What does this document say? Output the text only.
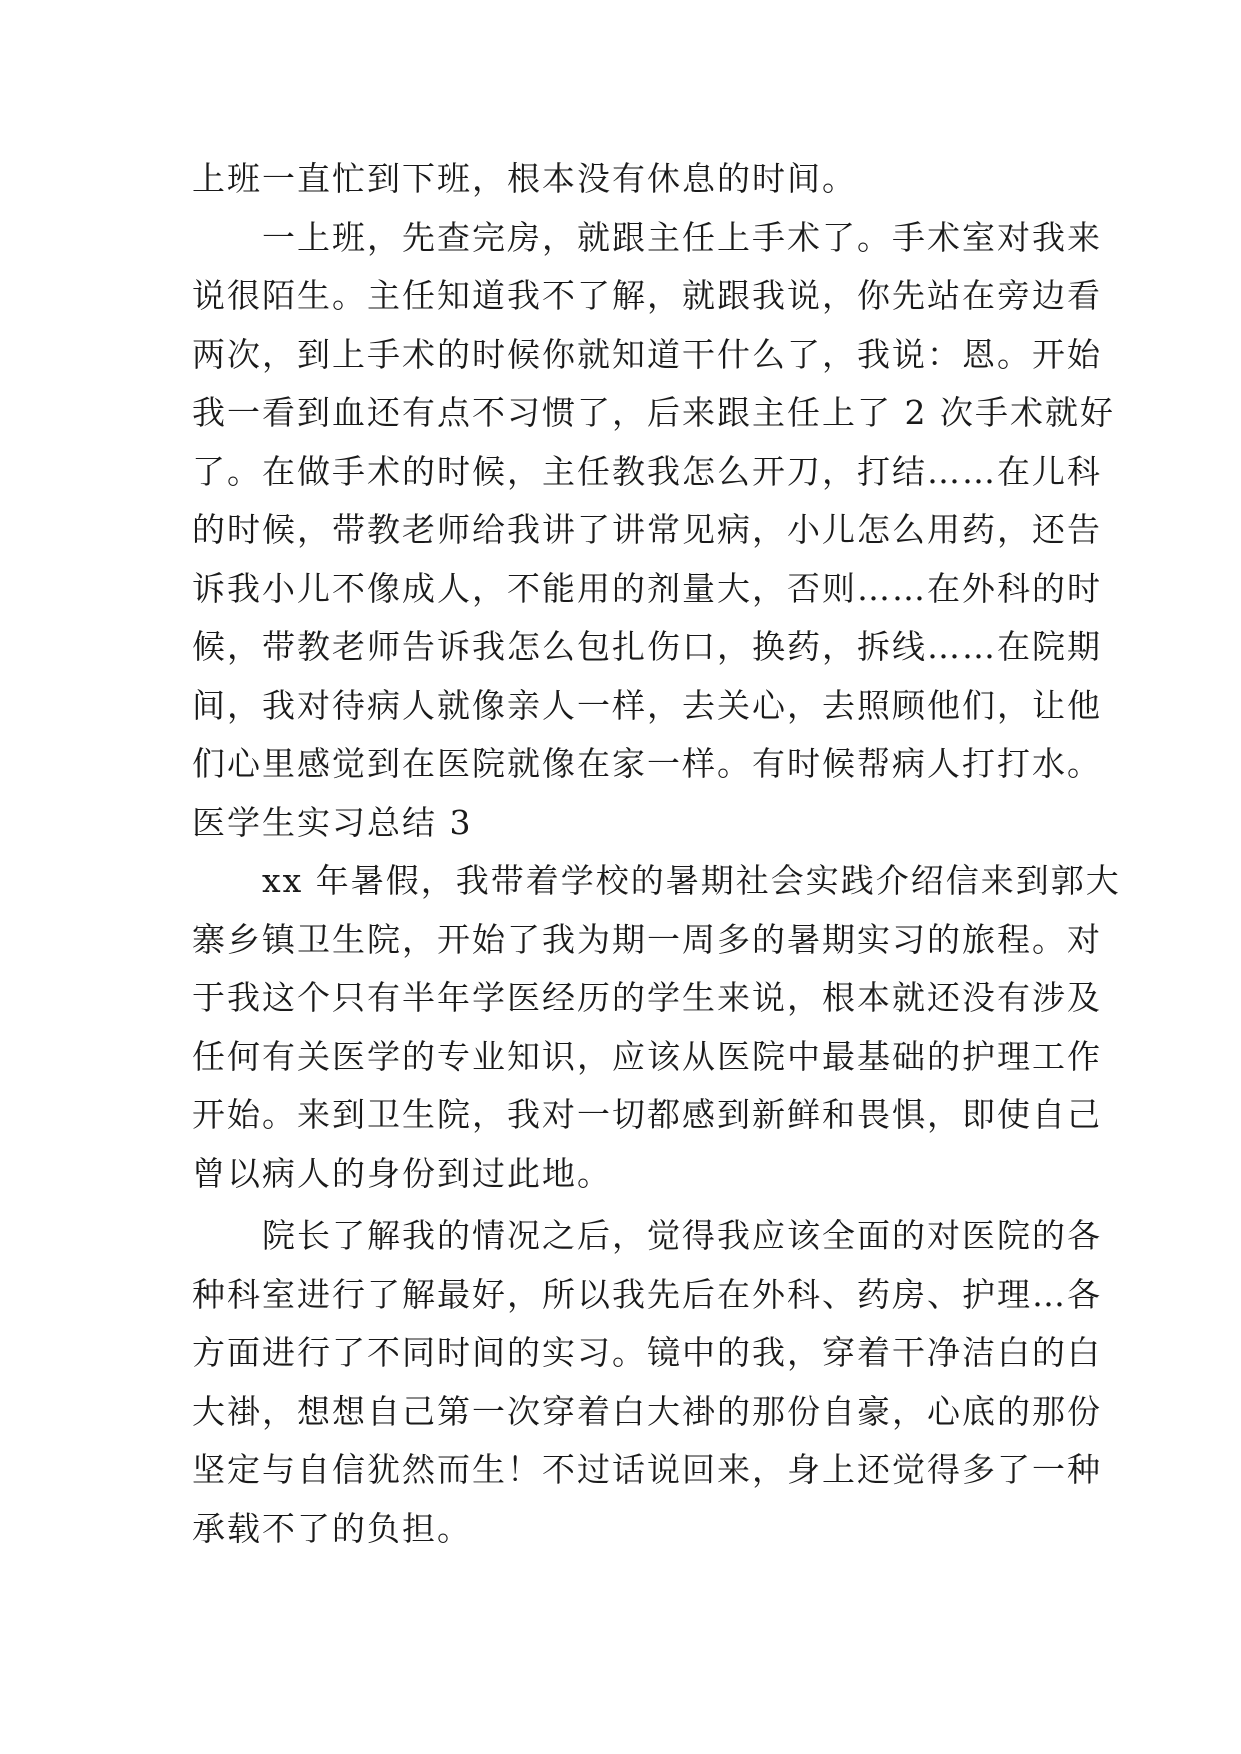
上班一直忙到下班，根本没有休息的时间。
一上班，先查完房，就跟主任上手术了。手术室对我来
说很陌生。主任知道我不了解，就跟我说，你先站在旁边看
两次，到上手术的时候你就知道干什么了，我说：恩。开始
我一看到血还有点不习惯了，后来跟主任上了 2 次手术就好
了。在做手术的时候，主任教我怎么开刀，打结……在儿科
的时候，带教老师给我讲了讲常见病，小儿怎么用药，还告
诉我小儿不像成人，不能用的剂量大，否则……在外科的时
候，带教老师告诉我怎么包扎伤口，换药，拆线……在院期
间，我对待病人就像亲人一样，去关心，去照顾他们，让他
们心里感觉到在医院就像在家一样。有时候帮病人打打水。
医学生实习总结 3
xx 年暑假，我带着学校的暑期社会实践介绍信来到郭大
寨乡镇卫生院，开始了我为期一周多的暑期实习的旅程。对
于我这个只有半年学医经历的学生来说，根本就还没有涉及
任何有关医学的专业知识，应该从医院中最基础的护理工作
开始。来到卫生院，我对一切都感到新鲜和畏惧，即使自己
曾以病人的身份到过此地。
院长了解我的情况之后，觉得我应该全面的对医院的各
种科室进行了解最好，所以我先后在外科、药房、护理…各
方面进行了不同时间的实习。镜中的我，穿着干净洁白的白
大褂，想想自己第一次穿着白大褂的那份自豪，心底的那份
坚定与自信犹然而生！不过话说回来，身上还觉得多了一种
承载不了的负担。
